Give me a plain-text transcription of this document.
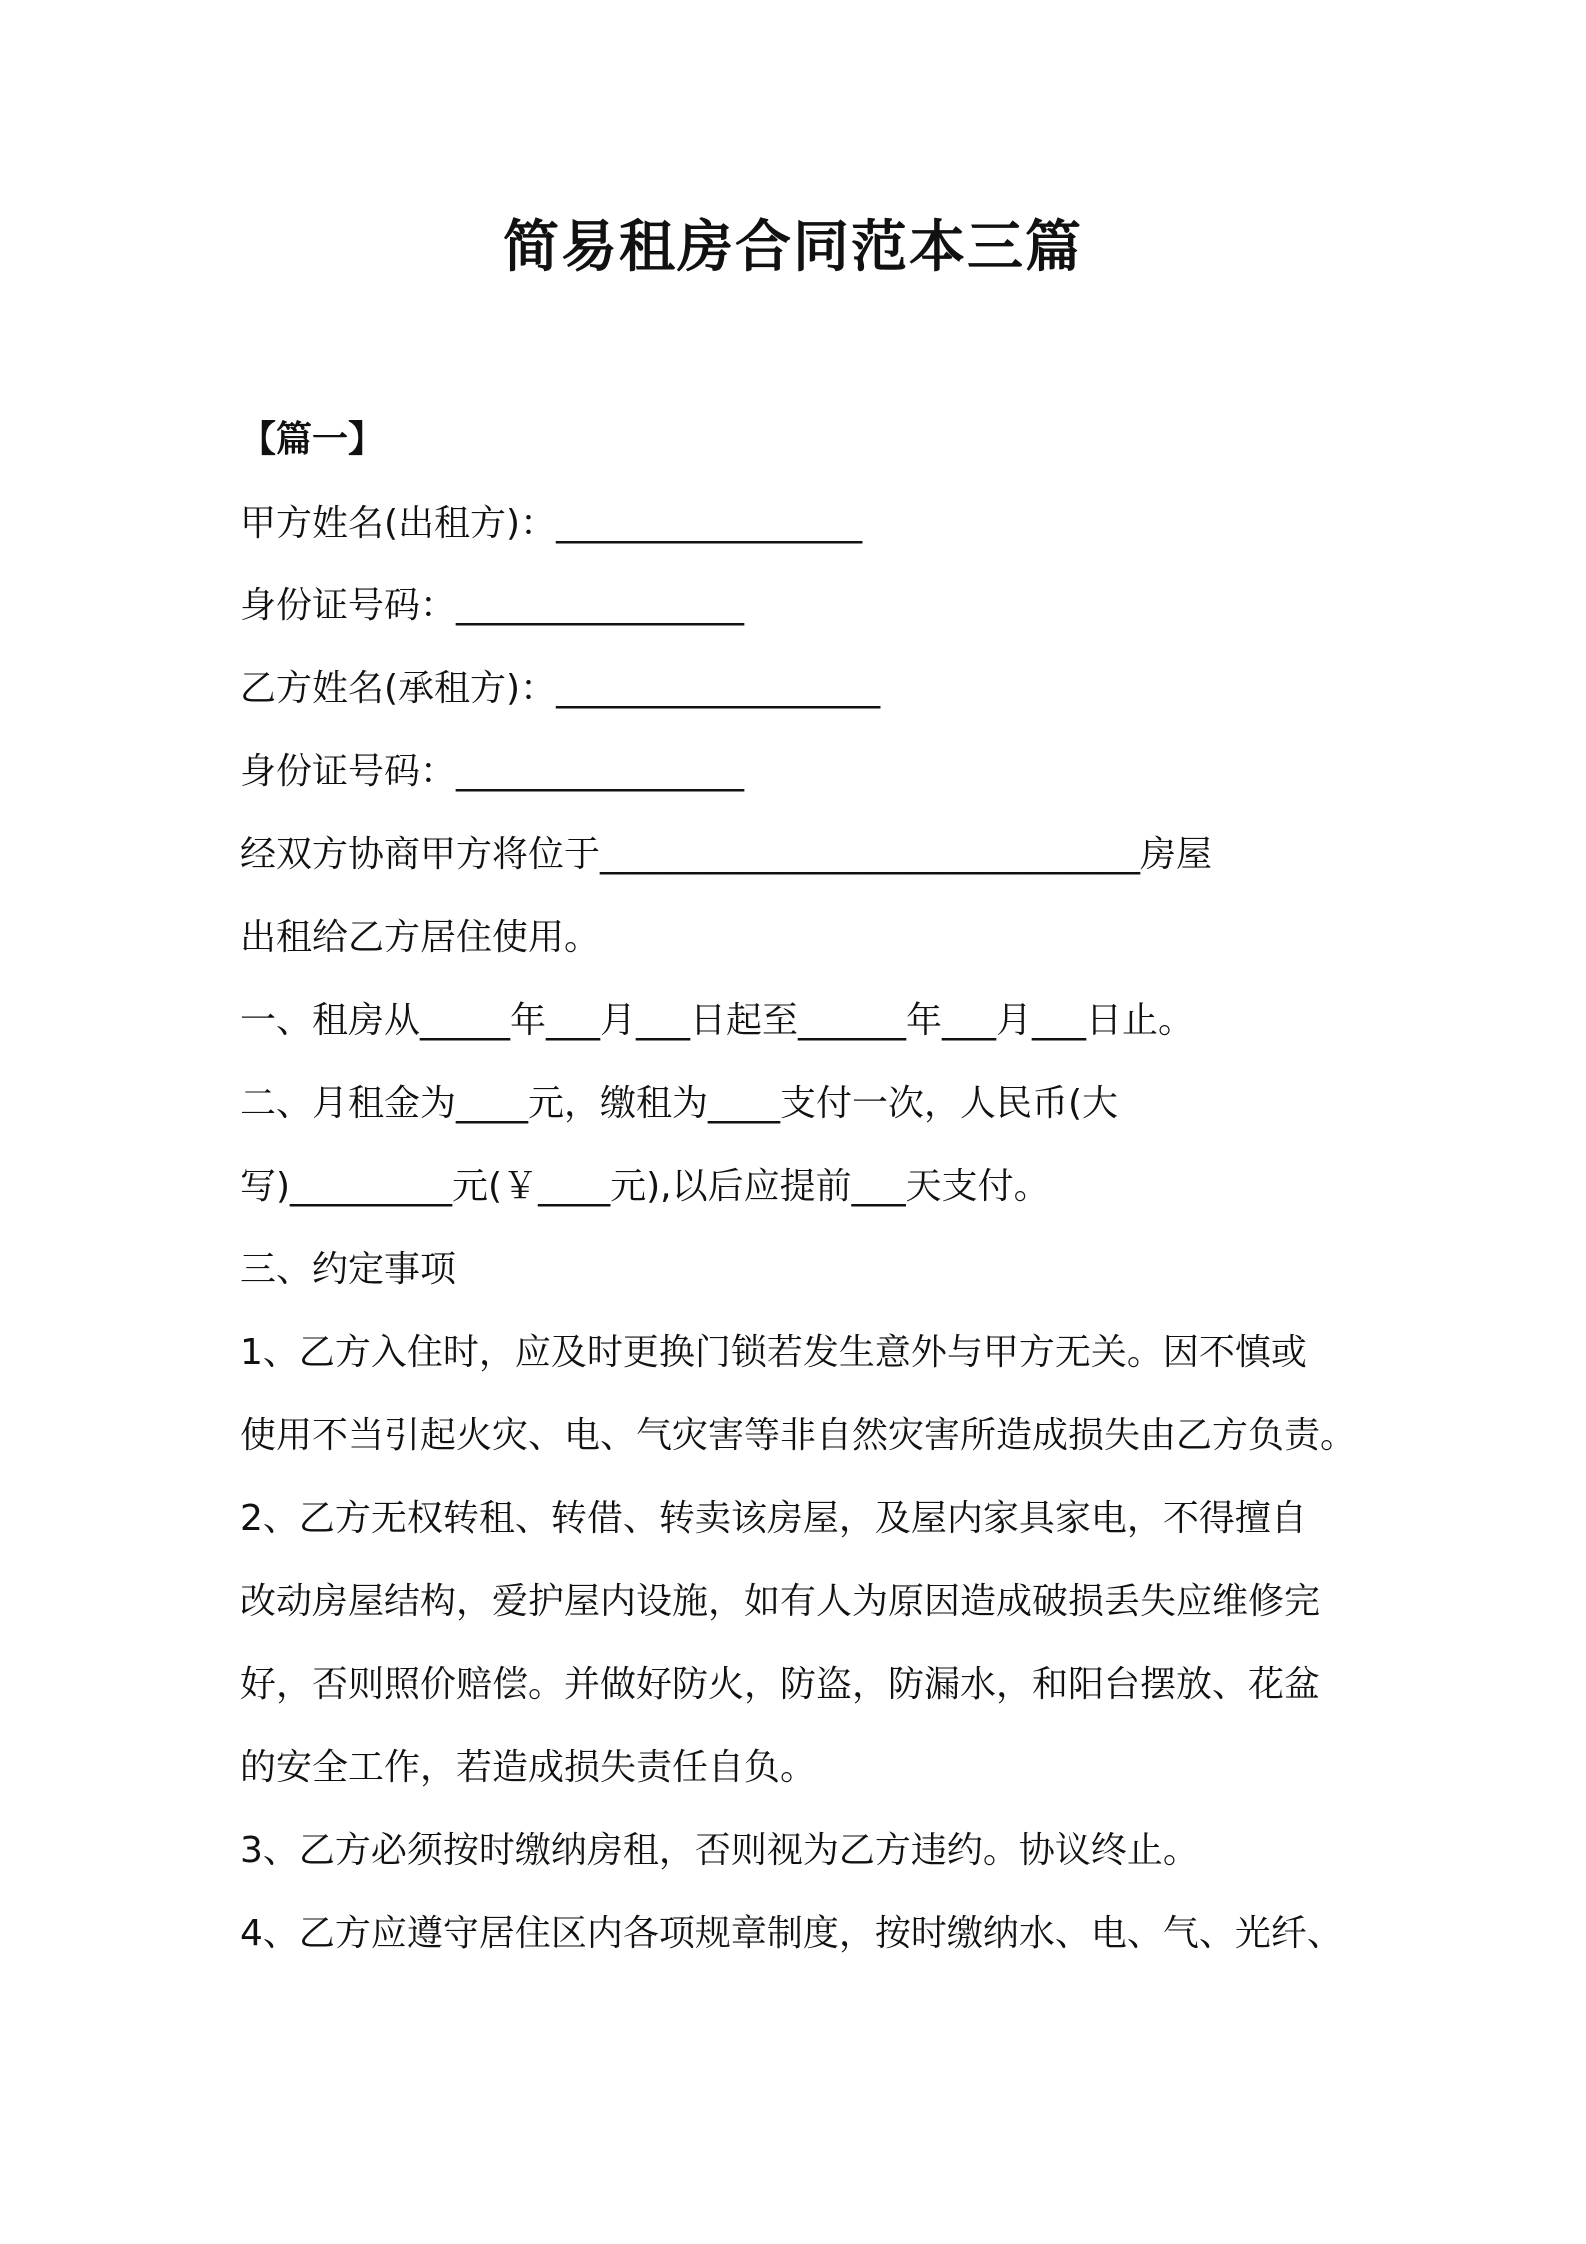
简易租房合同范本三篇
【篇一】
甲方姓名(出租方)：_________________
身份证号码：________________
乙方姓名(承租方)：__________________
身份证号码：________________
经双方协商甲方将位于______________________________房屋
出租给乙方居住使用。
一、租房从_____年___月___日起至______年___月___日止。
二、月租金为____元，缴租为____支付一次，人民币(大
写)_________元(￥____元),以后应提前___天支付。
三、约定事项
1、乙方入住时，应及时更换门锁若发生意外与甲方无关。因不慎或
使用不当引起火灾、电、气灾害等非自然灾害所造成损失由乙方负责。
2、乙方无权转租、转借、转卖该房屋，及屋内家具家电，不得擅自
改动房屋结构，爱护屋内设施，如有人为原因造成破损丢失应维修完
好，否则照价赔偿。并做好防火，防盗，防漏水，和阳台摆放、花盆
的安全工作，若造成损失责任自负。
3、乙方必须按时缴纳房租，否则视为乙方违约。协议终止。
4、乙方应遵守居住区内各项规章制度，按时缴纳水、电、气、光纤、
